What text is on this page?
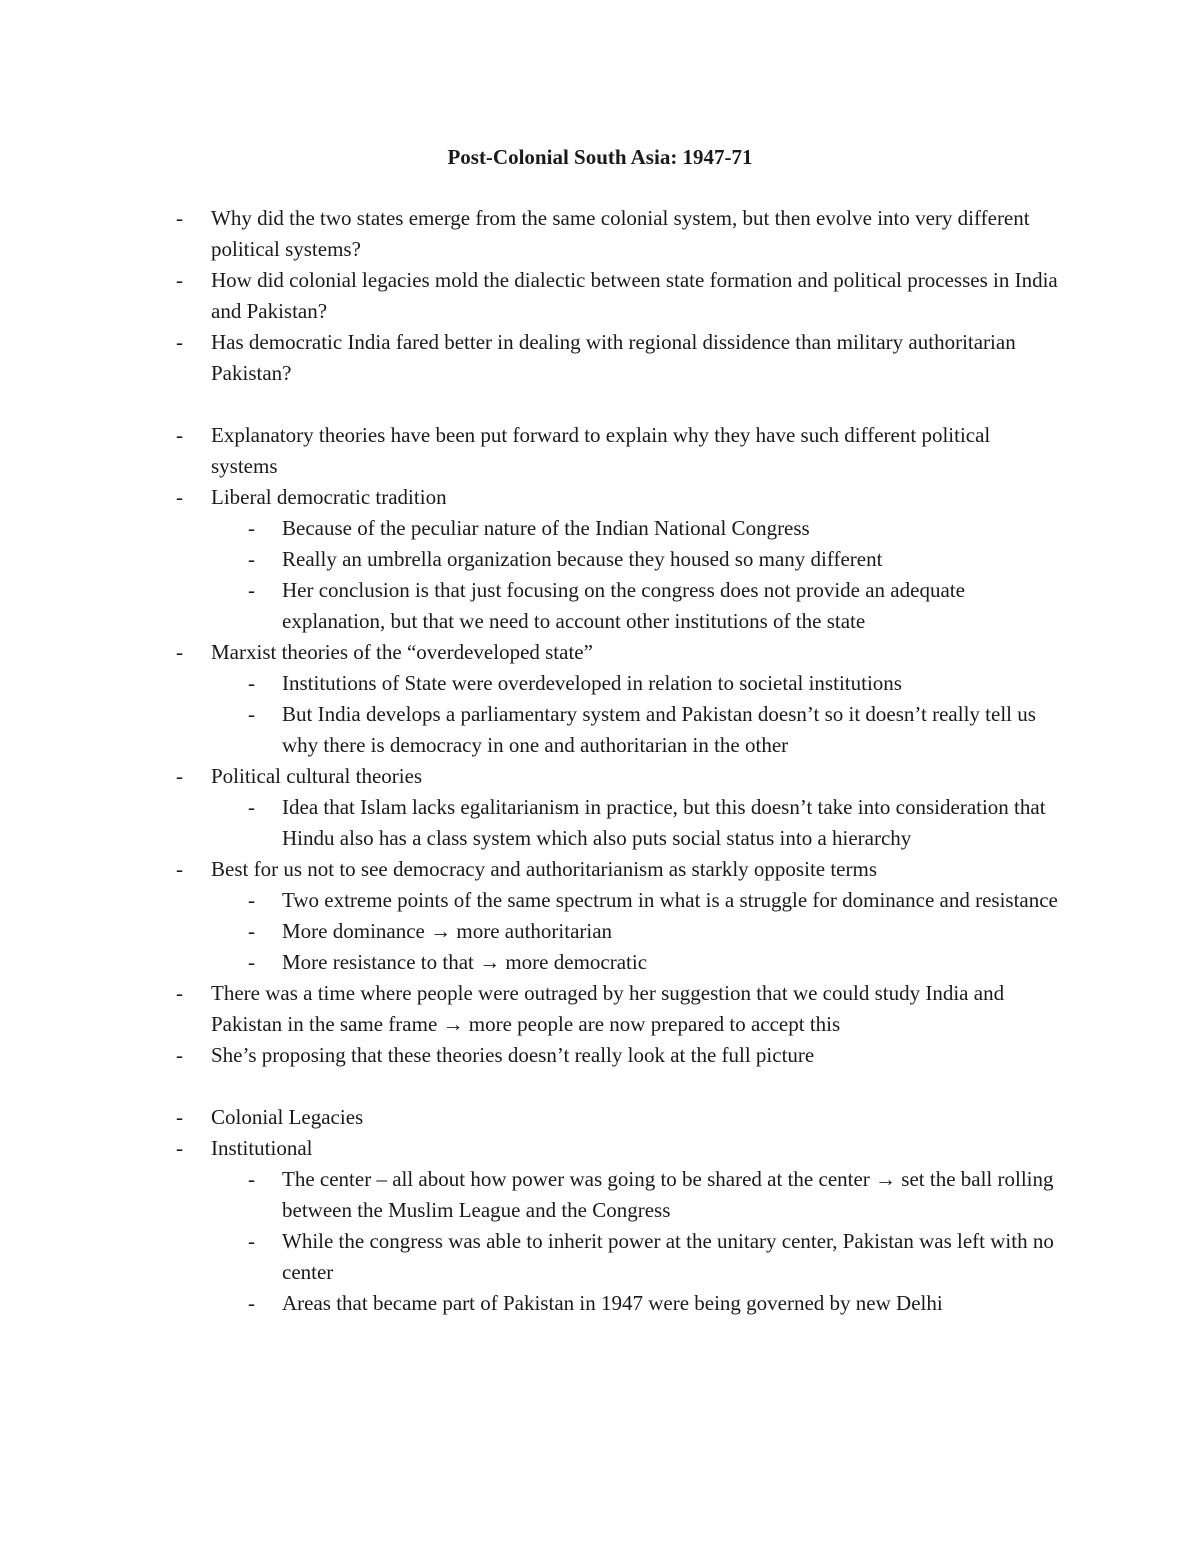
Post-Colonial South Asia: 1947-71
- Why did the two states emerge from the same colonial system, but then evolve into very different political systems?
- How did colonial legacies mold the dialectic between state formation and political processes in India and Pakistan?
- Has democratic India fared better in dealing with regional dissidence than military authoritarian Pakistan?
- Explanatory theories have been put forward to explain why they have such different political systems
- Liberal democratic tradition
- Because of the peculiar nature of the Indian National Congress
- Really an umbrella organization because they housed so many different
- Her conclusion is that just focusing on the congress does not provide an adequate explanation, but that we need to account other institutions of the state
- Marxist theories of the “overdeveloped state”
- Institutions of State were overdeveloped in relation to societal institutions
- But India develops a parliamentary system and Pakistan doesn’t so it doesn’t really tell us why there is democracy in one and authoritarian in the other
- Political cultural theories
- Idea that Islam lacks egalitarianism in practice, but this doesn’t take into consideration that Hindu also has a class system which also puts social status into a hierarchy
- Best for us not to see democracy and authoritarianism as starkly opposite terms
- Two extreme points of the same spectrum in what is a struggle for dominance and resistance
- More dominance → more authoritarian
- More resistance to that → more democratic
- There was a time where people were outraged by her suggestion that we could study India and Pakistan in the same frame → more people are now prepared to accept this
- She’s proposing that these theories doesn’t really look at the full picture
- Colonial Legacies
- Institutional
- The center – all about how power was going to be shared at the center → set the ball rolling between the Muslim League and the Congress
- While the congress was able to inherit power at the unitary center, Pakistan was left with no center
- Areas that became part of Pakistan in 1947 were being governed by new Delhi
